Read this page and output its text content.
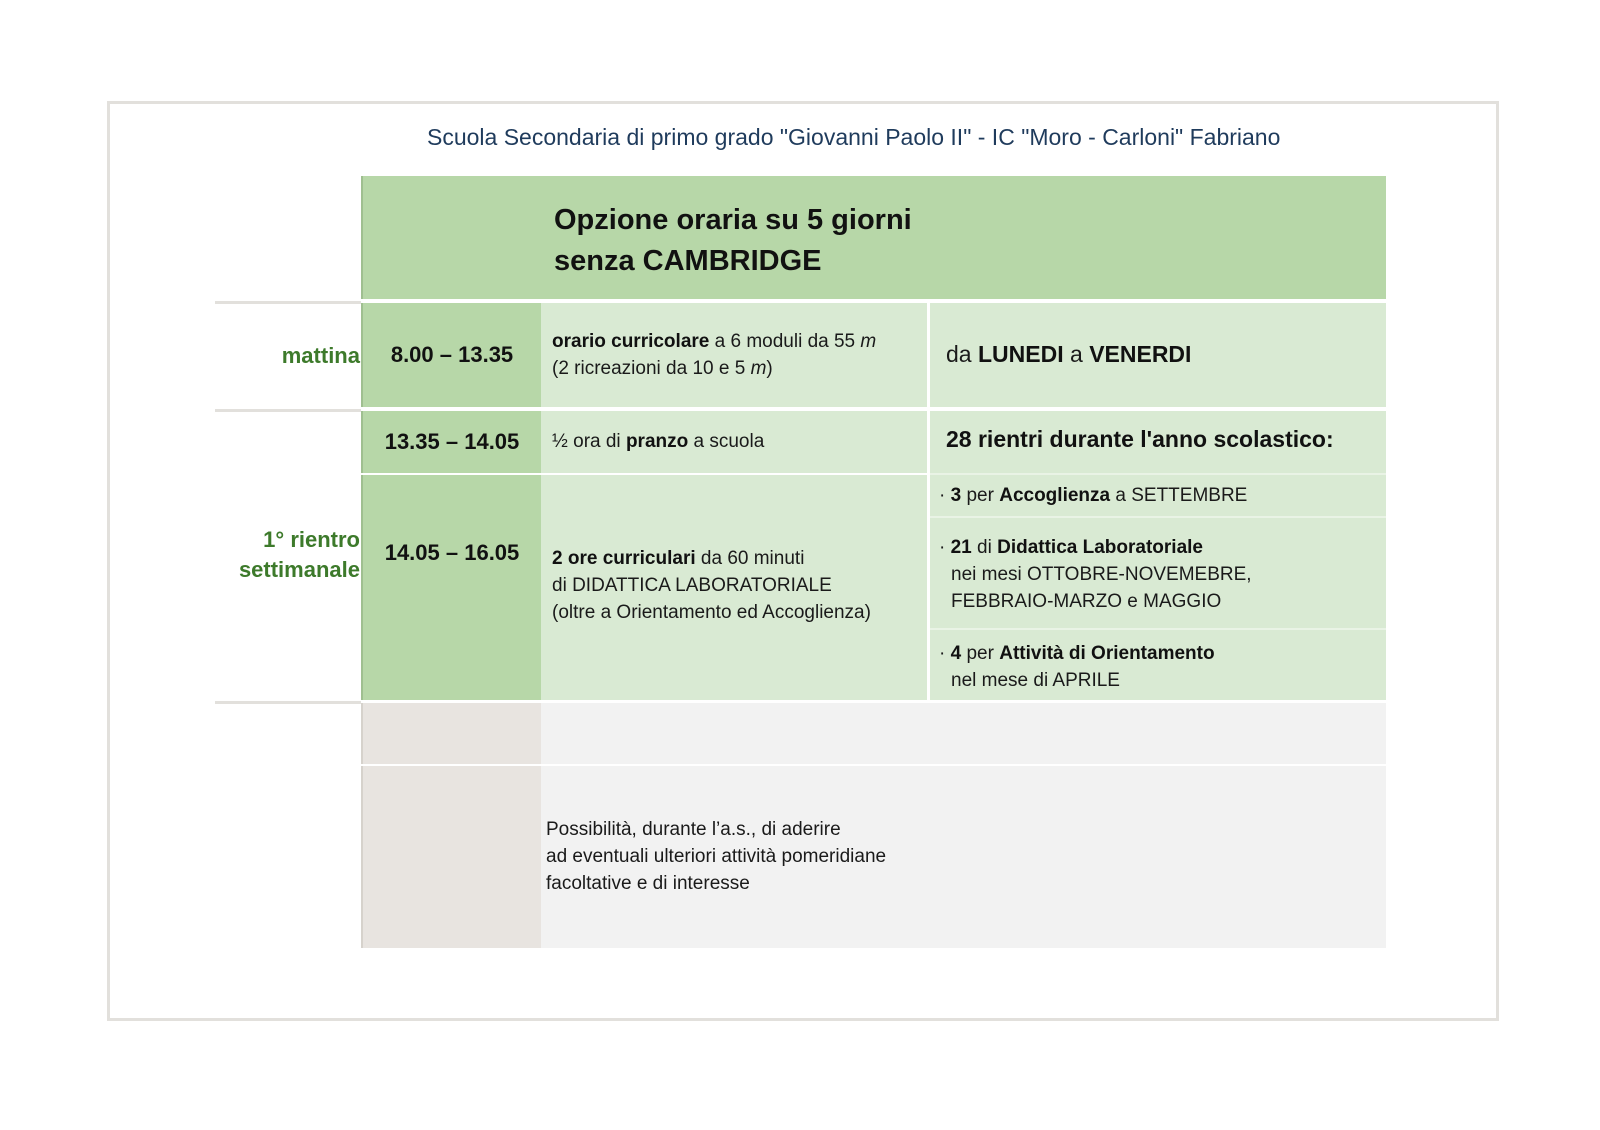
Scuola Secondaria di primo grado "Giovanni Paolo II" - IC "Moro - Carloni" Fabriano
Opzione oraria su 5 giorni
senza CAMBRIDGE
mattina
1° rientro
settimanale
8.00 – 13.35
orario curricolare a 6 moduli da 55 m
(2 ricreazioni da 10 e 5 m)
da LUNEDI a VENERDI
13.35 – 14.05	½ ora di pranzo a scuola
14.05 – 16.05	2 ore curriculari da 60 minuti
di DIDATTICA LABORATORIALE
(oltre a Orientamento ed Accoglienza)
28 rientri durante l'anno scolastico:
· 3 per Accoglienza a SETTEMBRE
· 21 di Didattica Laboratoriale
nei mesi OTTOBRE-NOVEMEBRE,
FEBBRAIO-MARZO e MAGGIO
· 4 per Attività di Orientamento
nel mese di APRILE
Possibilità, durante l’a.s., di aderire
ad eventuali ulteriori attività pomeridiane
facoltative e di interesse
